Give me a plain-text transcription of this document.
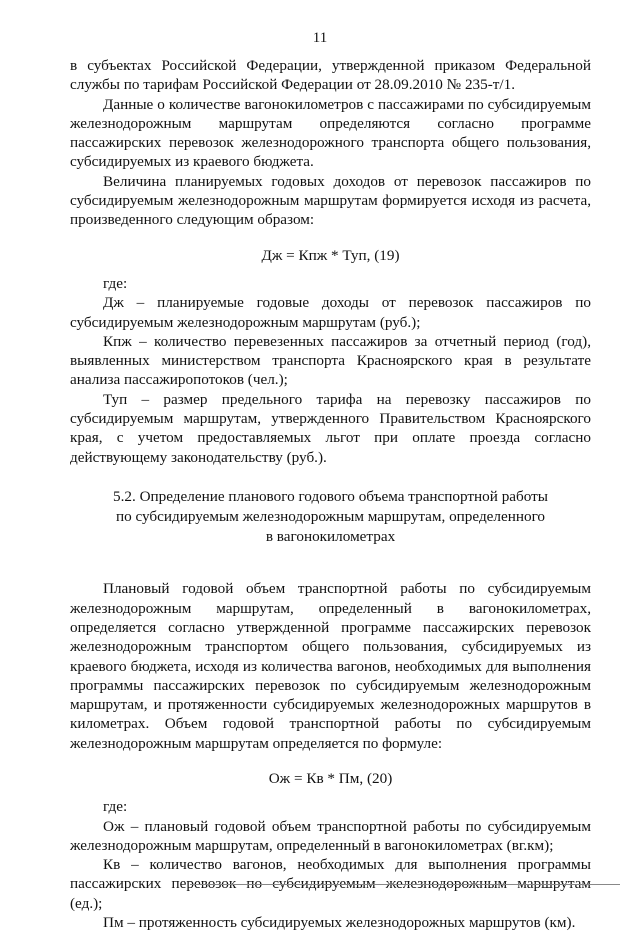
11

в субъектах Российской Федерации, утвержденной приказом Федеральной службы по тарифам Российской Федерации от 28.09.2010 № 235-т/1.

Данные о количестве вагонокилометров с пассажирами по субсидируемым железнодорожным маршрутам определяются согласно программе пассажирских перевозок железнодорожного транспорта общего пользования, субсидируемых из краевого бюджета.

Величина планируемых годовых доходов от перевозок пассажиров по субсидируемым железнодорожным маршрутам формируется исходя из расчета, произведенного следующим образом:

Дж = Кпж * Туп, (19)

где:

Дж – планируемые годовые доходы от перевозок пассажиров по субсидируемым железнодорожным маршрутам (руб.);

Кпж – количество перевезенных пассажиров за отчетный период (год), выявленных министерством транспорта Красноярского края в результате анализа пассажиропотоков (чел.);

Туп – размер предельного тарифа на перевозку пассажиров по субсидируемым маршрутам, утвержденного Правительством Красноярского края, с учетом предоставляемых льгот при оплате проезда согласно действующему законодательству (руб.).

5.2. Определение планового годового объема транспортной работы
по субсидируемым железнодорожным маршрутам, определенного
в вагонокилометрах

Плановый годовой объем транспортной работы по субсидируемым железнодорожным маршрутам, определенный в вагонокилометрах, определяется согласно утвержденной программе пассажирских перевозок железнодорожным транспортом общего пользования, субсидируемых из краевого бюджета, исходя из количества вагонов, необходимых для выполнения программы пассажирских перевозок по субсидируемым железнодорожным маршрутам, и протяженности субсидируемых железнодорожных маршрутов в километрах. Объем годовой транспортной работы по субсидируемым железнодорожным маршрутам определяется по формуле:

Ож = Кв * Пм, (20)

где:

Ож – плановый годовой объем транспортной работы по субсидируемым железнодорожным маршрутам, определенный в вагонокилометрах (вг.км);

Кв – количество вагонов, необходимых для выполнения программы пассажирских перевозок по субсидируемым железнодорожным маршрутам (ед.);

Пм – протяженность субсидируемых железнодорожных маршрутов (км).
